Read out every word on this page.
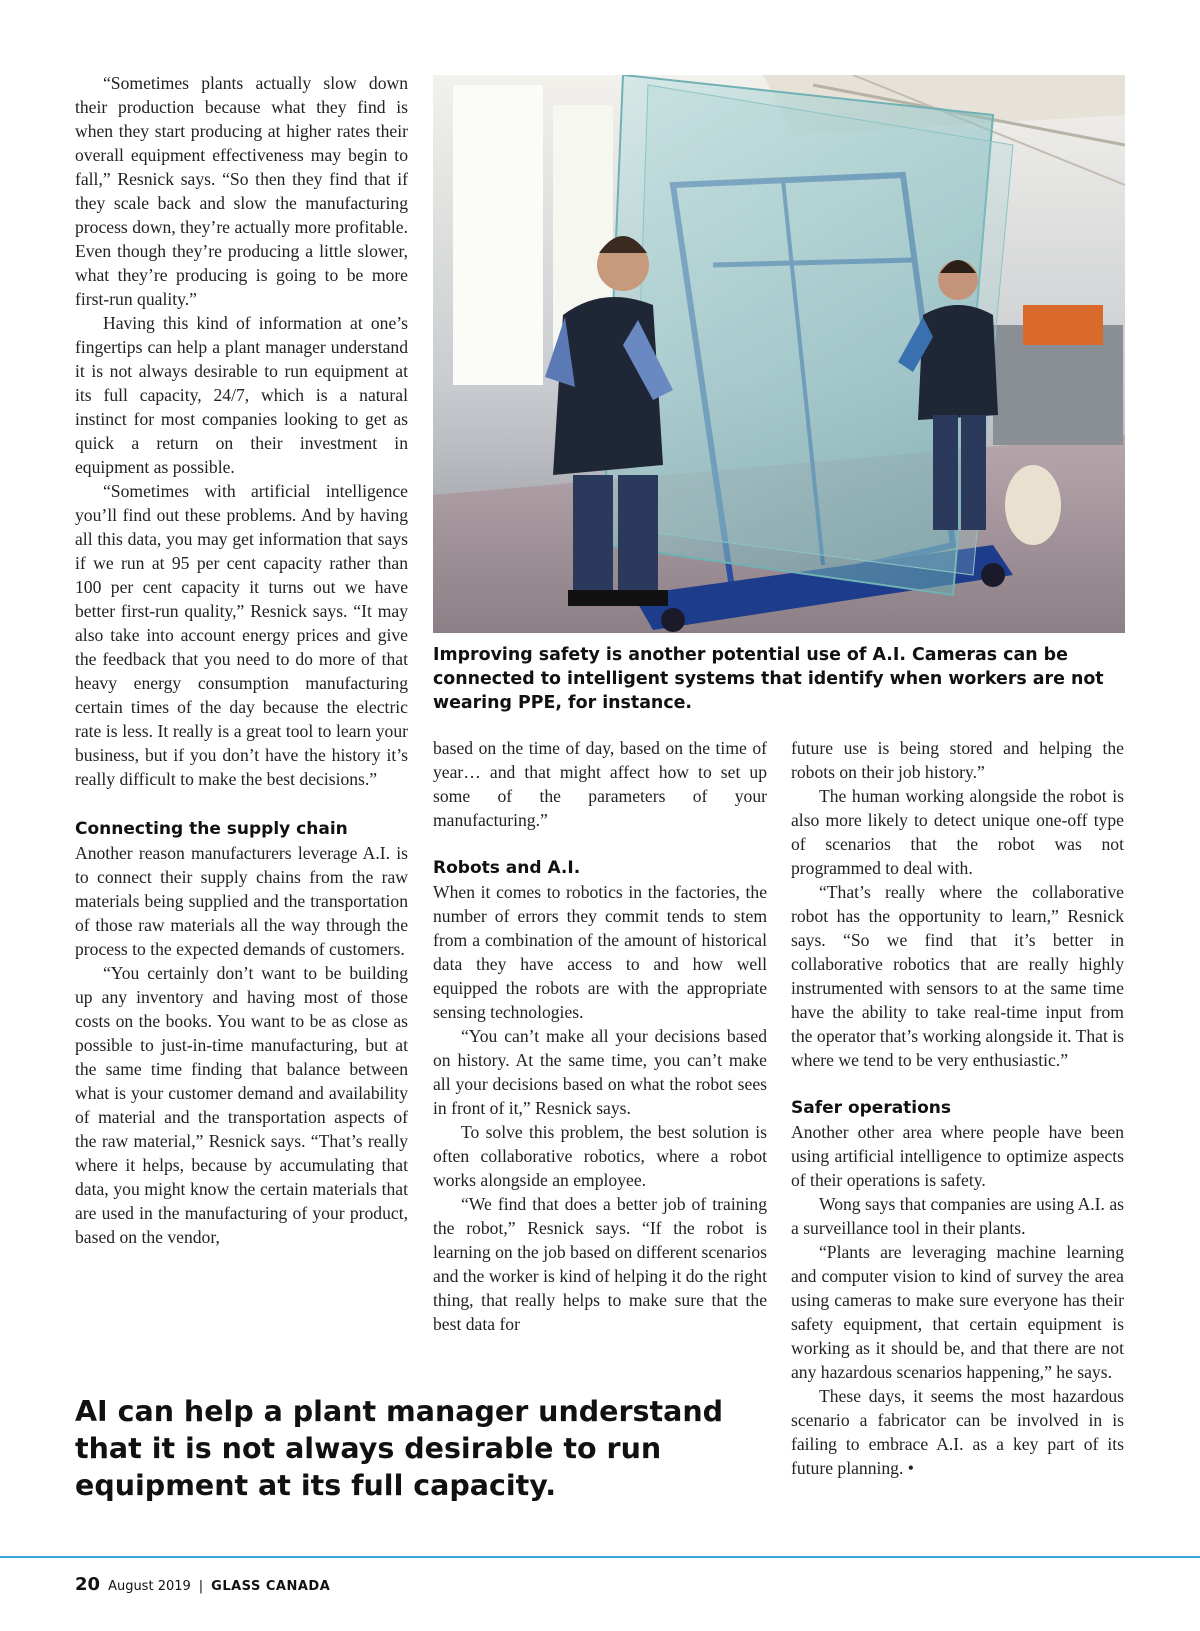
“Sometimes plants actually slow down their production because what they find is when they start producing at higher rates their overall equipment effectiveness may begin to fall,” Resnick says. “So then they find that if they scale back and slow the manufacturing process down, they’re actually more profitable. Even though they’re producing a little slower, what they’re producing is going to be more first-run quality.”

Having this kind of information at one’s fingertips can help a plant manager understand it is not always desirable to run equipment at its full capacity, 24/7, which is a natural instinct for most companies looking to get as quick a return on their investment in equipment as possible.

“Sometimes with artificial intelligence you’ll find out these problems. And by having all this data, you may get information that says if we run at 95 per cent capacity rather than 100 per cent capacity it turns out we have better first-run quality,” Resnick says. “It may also take into account energy prices and give the feedback that you need to do more of that heavy energy consumption manufacturing certain times of the day because the electric rate is less. It really is a great tool to learn your business, but if you don’t have the history it’s really difficult to make the best decisions.”

Connecting the supply chain

Another reason manufacturers leverage A.I. is to connect their supply chains from the raw materials being supplied and the transportation of those raw materials all the way through the process to the expected demands of customers.

“You certainly don’t want to be building up any inventory and having most of those costs on the books. You want to be as close as possible to just-in-time manufacturing, but at the same time finding that balance between what is your customer demand and availability of material and the transportation aspects of the raw material,” Resnick says. “That’s really where it helps, because by accumulating that data, you might know the certain materials that are used in the manufacturing of your product, based on the vendor,

Improving safety is another potential use of A.I. Cameras can be connected to intelligent systems that identify when workers are not wearing PPE, for instance.

based on the time of day, based on the time of year… and that might affect how to set up some of the parameters of your manufacturing.”

Robots and A.I.

When it comes to robotics in the factories, the number of errors they commit tends to stem from a combination of the amount of historical data they have access to and how well equipped the robots are with the appropriate sensing technologies.

“You can’t make all your decisions based on history. At the same time, you can’t make all your decisions based on what the robot sees in front of it,” Resnick says.

To solve this problem, the best solution is often collaborative robotics, where a robot works alongside an employee.

“We find that does a better job of training the robot,” Resnick says. “If the robot is learning on the job based on different scenarios and the worker is kind of helping it do the right thing, that really helps to make sure that the best data for

future use is being stored and helping the robots on their job history.”

The human working alongside the robot is also more likely to detect unique one-off type of scenarios that the robot was not programmed to deal with.

“That’s really where the collaborative robot has the opportunity to learn,” Resnick says. “So we find that it’s better in collaborative robotics that are really highly instrumented with sensors to at the same time have the ability to take real-time input from the operator that’s working alongside it. That is where we tend to be very enthusiastic.”

Safer operations

Another other area where people have been using artificial intelligence to optimize aspects of their operations is safety.

Wong says that companies are using A.I. as a surveillance tool in their plants.

“Plants are leveraging machine learning and computer vision to kind of survey the area using cameras to make sure everyone has their safety equipment, that certain equipment is working as it should be, and that there are not any hazardous scenarios happening,” he says.

These days, it seems the most hazardous scenario a fabricator can be involved in is failing to embrace A.I. as a key part of its future planning. •

AI can help a plant manager understand that it is not always desirable to run equipment at its full capacity.
20 August 2019 | GLASS CANADA
